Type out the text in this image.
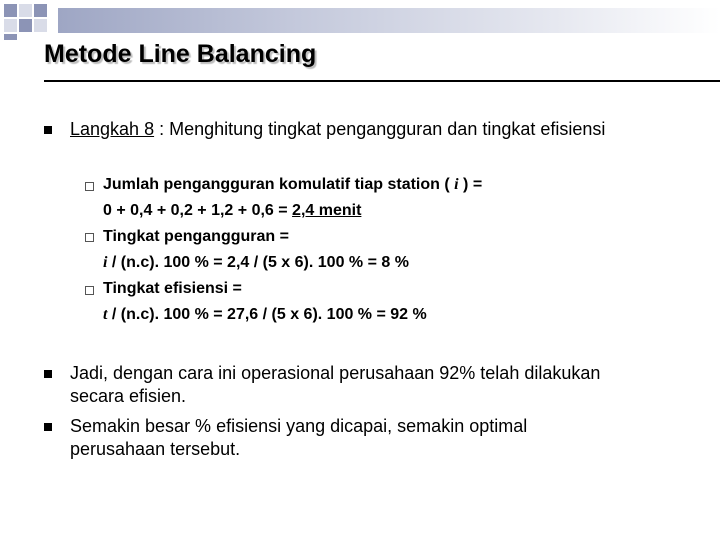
Metode Line Balancing
Langkah 8 : Menghitung tingkat pengangguran dan tingkat efisiensi
Jumlah pengangguran komulatif tiap station ( i ) =
0 + 0,4 + 0,2 + 1,2 + 0,6 = 2,4 menit
Tingkat pengangguran =
i / (n.c). 100 % = 2,4 / (5 x 6). 100 % = 8 %
Tingkat efisiensi =
t / (n.c). 100 % = 27,6 / (5 x 6). 100 % = 92 %
Jadi, dengan cara ini operasional perusahaan 92% telah dilakukan
secara efisien.
Semakin besar % efisiensi yang dicapai, semakin optimal
perusahaan tersebut.
